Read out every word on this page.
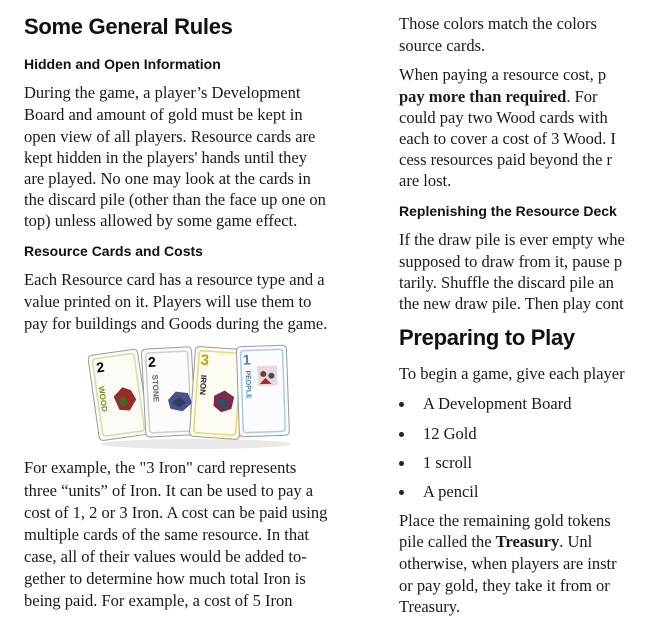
Some General Rules
Hidden and Open Information
During the game, a player’s Development
Board and amount of gold must be kept in
open view of all players. Resource cards are
kept hidden in the players' hands until they
are played. No one may look at the cards in
the discard pile (other than the face up one on
top) unless allowed by some game effect.
Resource Cards and Costs
Each Resource card has a resource type and a
value printed on it. Players will use them to
pay for buildings and Goods during the game.
2
WOOD
2
STONE
3
IRON
1
PEOPLE
For example, the "3 Iron" card represents
three “units” of Iron. It can be used to pay a
cost of 1, 2 or 3 Iron. A cost can be paid using
multiple cards of the same resource. In that
case, all of their values would be added to-
gether to determine how much total Iron is
being paid. For example, a cost of 5 Iron
Those colors match the colors
source cards.
When paying a resource cost, p
pay more than required. For
could pay two Wood cards with
each to cover a cost of 3 Wood. I
cess resources paid beyond the r
are lost.
Replenishing the Resource Deck
If the draw pile is ever empty whe
supposed to draw from it, pause p
tarily. Shuffle the discard pile an
the new draw pile. Then play cont
Preparing to Play
To begin a game, give each player
A Development Board
12 Gold
1 scroll
A pencil
Place the remaining gold tokens
pile called the Treasury. Unl
otherwise, when players are instr
or pay gold, they take it from or
Treasury.
